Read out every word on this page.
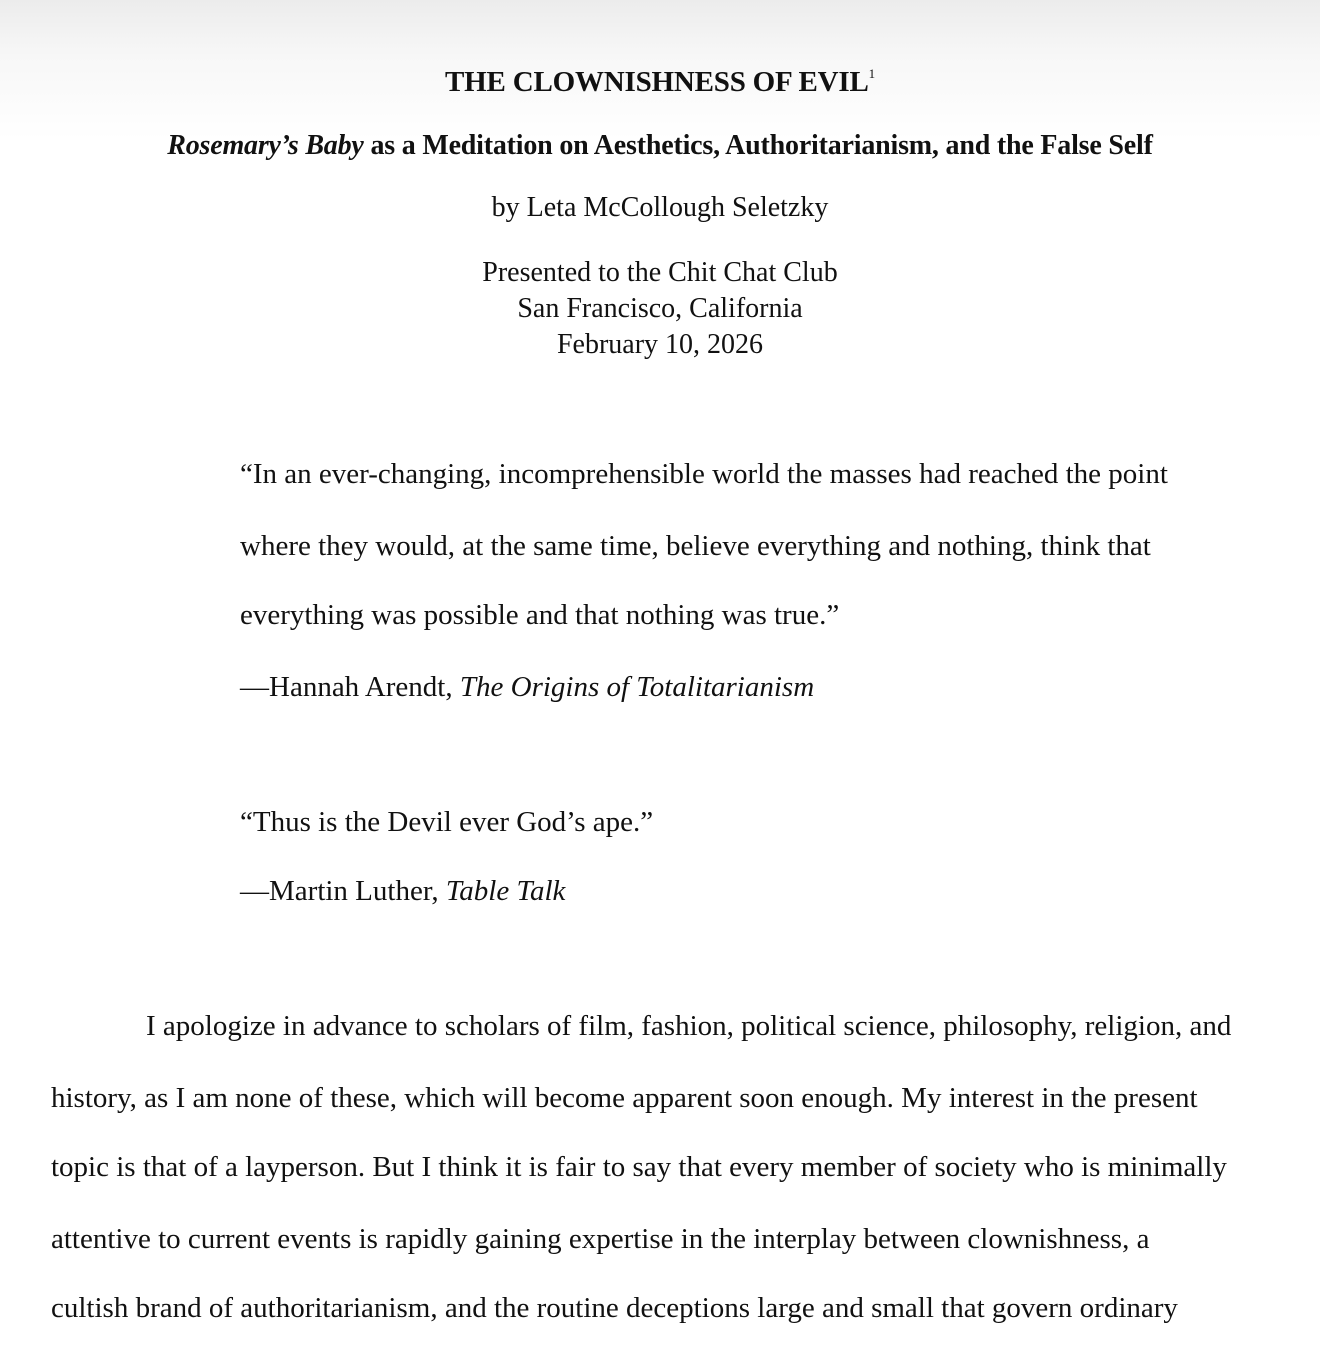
THE CLOWNISHNESS OF EVIL$^1$
Rosemary’s Baby as a Meditation on Aesthetics, Authoritarianism, and the False Self
by Leta McCollough Seletzky
Presented to the Chit Chat Club
San Francisco, California
February 10, 2026
“In an ever-changing, incomprehensible world the masses had reached the point
where they would, at the same time, believe everything and nothing, think that
everything was possible and that nothing was true.”
—Hannah Arendt, The Origins of Totalitarianism
“Thus is the Devil ever God’s ape.”
—Martin Luther, Table Talk
I apologize in advance to scholars of film, fashion, political science, philosophy, religion, and
history, as I am none of these, which will become apparent soon enough. My interest in the present
topic is that of a layperson. But I think it is fair to say that every member of society who is minimally
attentive to current events is rapidly gaining expertise in the interplay between clownishness, a
cultish brand of authoritarianism, and the routine deceptions large and small that govern ordinary
